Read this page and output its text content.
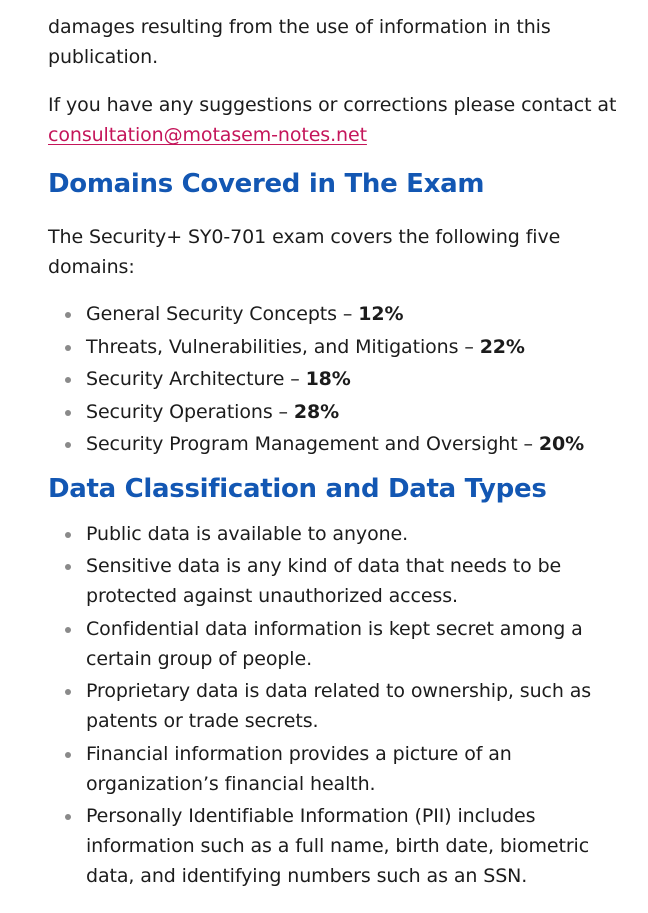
damages resulting from the use of information in this publication.

If you have any suggestions or corrections please contact at consultation@motasem-notes.net

Domains Covered in The Exam

The Security+ SY0-701 exam covers the following five domains:

General Security Concepts – 12%
Threats, Vulnerabilities, and Mitigations – 22%
Security Architecture – 18%
Security Operations – 28%
Security Program Management and Oversight – 20%
Data Classification and Data Types
Public data is available to anyone.
Sensitive data is any kind of data that needs to be protected against unauthorized access.
Confidential data information is kept secret among a certain group of people.
Proprietary data is data related to ownership, such as patents or trade secrets.
Financial information provides a picture of an organization’s financial health.
Personally Identifiable Information (PII) includes information such as a full name, birth date, biometric data, and identifying numbers such as an SSN.
